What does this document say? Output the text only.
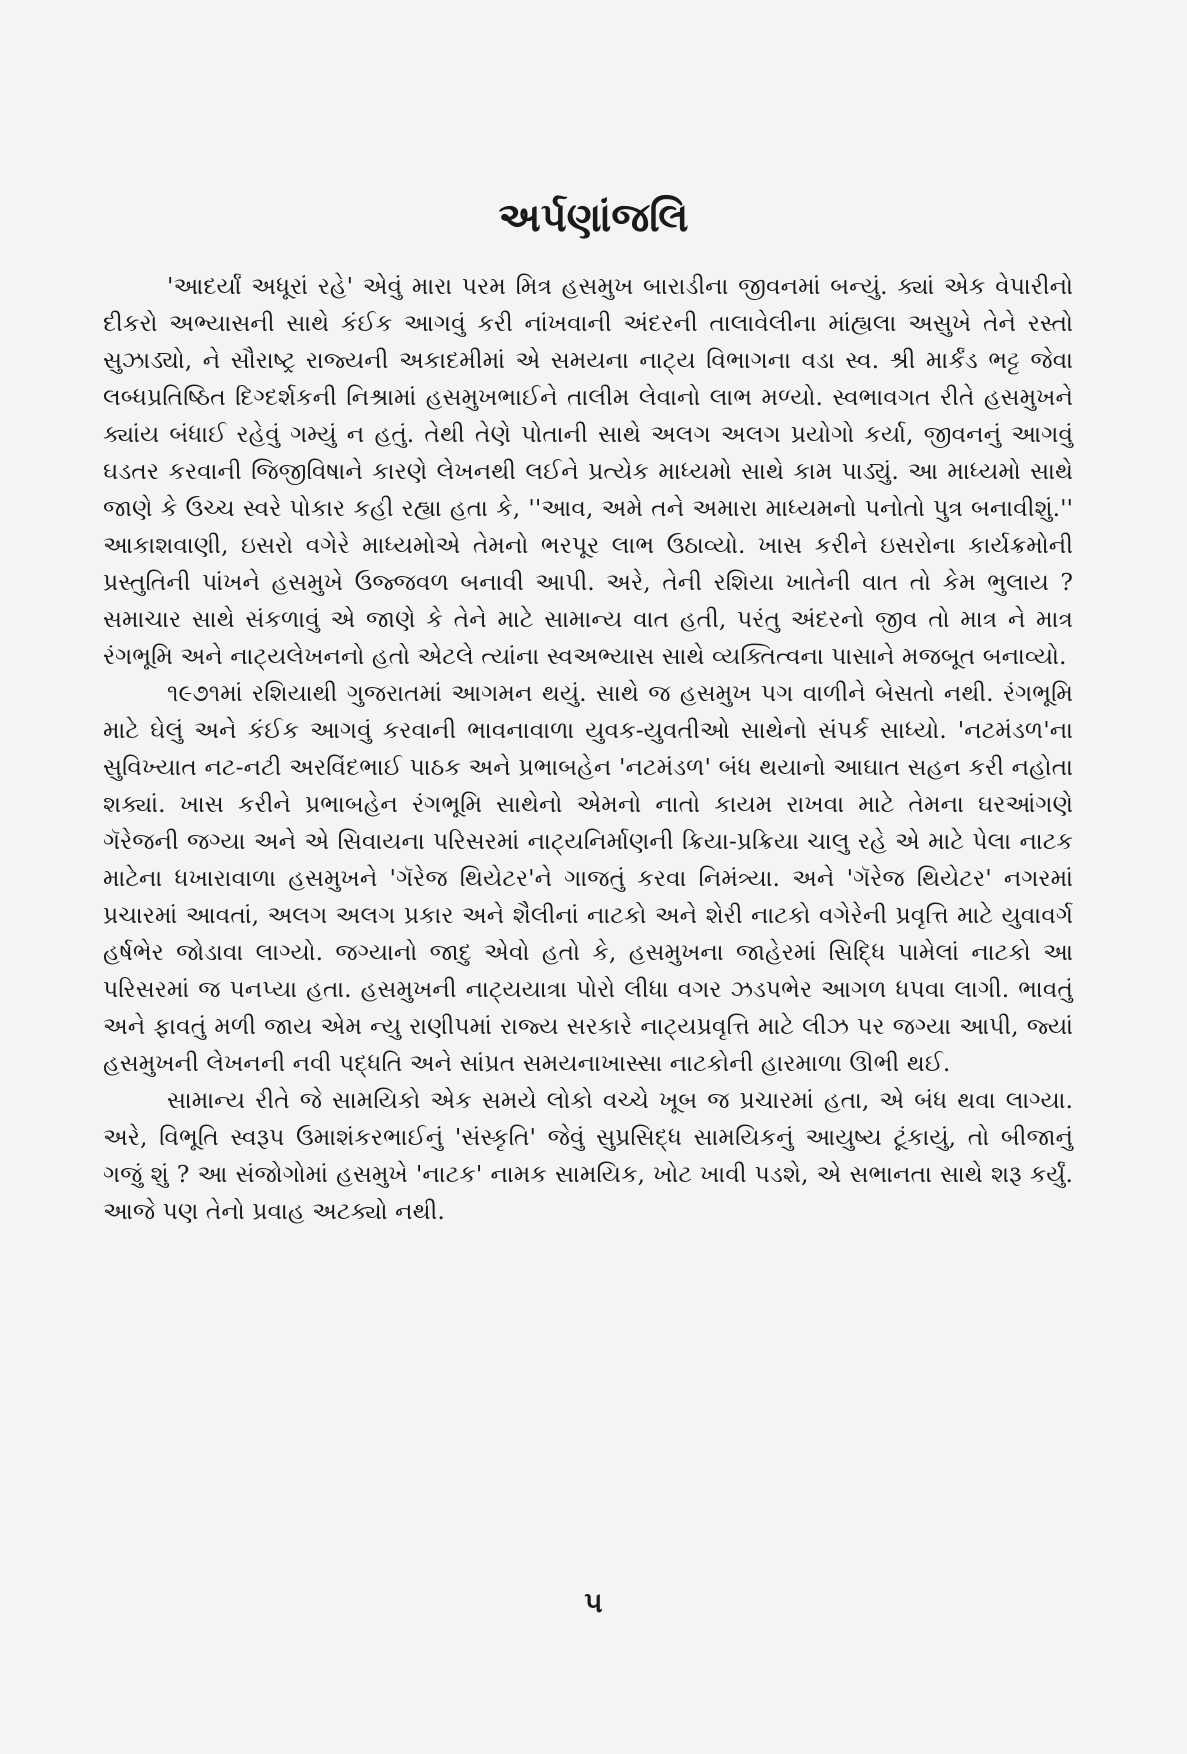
અર્પણાંજલિ

'આદર્યાં અધૂરાં રહે' એવું મારા પરમ મિત્ર હસમુખ બારાડીના જીવનમાં બન્યું. ક્યાં એક વેપારીનો દીકરો અભ્યાસની સાથે કંઈક આગવું કરી નાંખવાની અંદરની તાલાવેલીના માંહ્યલા અસુખે તેને રસ્તો સુઝાડ્યો, ને સૌરાષ્ટ્ર રાજ્યની અકાદમીમાં એ સમયના નાટ્ય વિભાગના વડા સ્વ. શ્રી માર્કંડ ભટ્ટ જેવા લબ્ધપ્રતિષ્ઠિત દિગ્દર્શકની નિશ્રામાં હસમુખભાઈને તાલીમ લેવાનો લાભ મળ્યો. સ્વભાવગત રીતે હસમુખને ક્યાંય બંધાઈ રહેવું ગમ્યું ન હતું. તેથી તેણે પોતાની સાથે અલગ અલગ પ્રયોગો કર્યા, જીવનનું આગવું ઘડતર કરવાની જિજીવિષાને કારણે લેખનથી લઈને પ્રત્યેક માધ્યમો સાથે કામ પાડ્યું. આ માધ્યમો સાથે જાણે કે ઉચ્ચ સ્વરે પોકાર કહી રહ્યા હતા કે, ''આવ, અમે તને અમારા માધ્યમનો પનોતો પુત્ર બનાવીશું.'' આકાશવાણી, ઇસરો વગેરે માધ્યમોએ તેમનો ભરપૂર લાભ ઉઠાવ્યો. ખાસ કરીને ઇસરોના કાર્યક્રમોની પ્રસ્તુતિની પાંખને હસમુખે ઉજ્જવળ બનાવી આપી. અરે, તેની રશિયા ખાતેની વાત તો કેમ ભુલાય ? સમાચાર સાથે સંકળાવું એ જાણે કે તેને માટે સામાન્ય વાત હતી, પરંતુ અંદરનો જીવ તો માત્ર ને માત્ર રંગભૂમિ અને નાટ્યલેખનનો હતો એટલે ત્યાંના સ્વઅભ્યાસ સાથે વ્યક્તિત્વના પાસાને મજબૂત બનાવ્યો.

૧૯૭૧માં રશિયાથી ગુજરાતમાં આગમન થયું. સાથે જ હસમુખ પગ વાળીને બેસતો નથી. રંગભૂમિ માટે ઘેલું અને કંઈક આગવું કરવાની ભાવનાવાળા યુવક-યુવતીઓ સાથેનો સંપર્ક સાધ્યો. 'નટમંડળ'ના સુવિખ્યાત નટ-નટી અરવિંદભાઈ પાઠક અને પ્રભાબહેન 'નટમંડળ' બંધ થયાનો આઘાત સહન કરી નહોતા શક્યાં. ખાસ કરીને પ્રભાબહેન રંગભૂમિ સાથેનો એમનો નાતો કાયમ રાખવા માટે તેમના ઘરઆંગણે ગૅરેજની જગ્યા અને એ સિવાયના પરિસરમાં નાટ્યનિર્માણની ક્રિયા-પ્રક્રિયા ચાલુ રહે એ માટે પેલા નાટક માટેના ધખારાવાળા હસમુખને 'ગૅરેજ થિયેટર'ને ગાજતું કરવા નિમંત્ર્યા. અને 'ગૅરેજ થિયેટર' નગરમાં પ્રચારમાં આવતાં, અલગ અલગ પ્રકાર અને શૈલીનાં નાટકો અને શેરી નાટકો વગેરેની પ્રવૃત્તિ માટે યુવાવર્ગ હર્ષભેર જોડાવા લાગ્યો. જગ્યાનો જાદુ એવો હતો કે, હસમુખના જાહેરમાં સિદ્ધિ પામેલાં નાટકો આ પરિસરમાં જ પનપ્યા હતા. હસમુખની નાટ્યયાત્રા પોરો લીધા વગર ઝડપભેર આગળ ધપવા લાગી. ભાવતું અને ફાવતું મળી જાય એમ ન્યુ રાણીપમાં રાજ્ય સરકારે નાટ્યપ્રવૃત્તિ માટે લીઝ પર જગ્યા આપી, જ્યાં હસમુખની લેખનની નવી પદ્ધતિ અને સાંપ્રત સમયનાખાસ્સા નાટકોની હારમાળા ઊભી થઈ.

સામાન્ય રીતે જે સામયિકો એક સમયે લોકો વચ્ચે ખૂબ જ પ્રચારમાં હતા, એ બંધ થવા લાગ્યા. અરે, વિભૂતિ સ્વરૂપ ઉમાશંકરભાઈનું 'સંસ્કૃતિ' જેવું સુપ્રસિદ્ધ સામયિકનું આયુષ્ય ટૂંકાયું, તો બીજાનું ગજું શું ? આ સંજોગોમાં હસમુખે 'નાટક' નામક સામયિક, ખોટ ખાવી પડશે, એ સભાનતા સાથે શરૂ કર્યું. આજે પણ તેનો પ્રવાહ અટક્યો નથી.

૫
